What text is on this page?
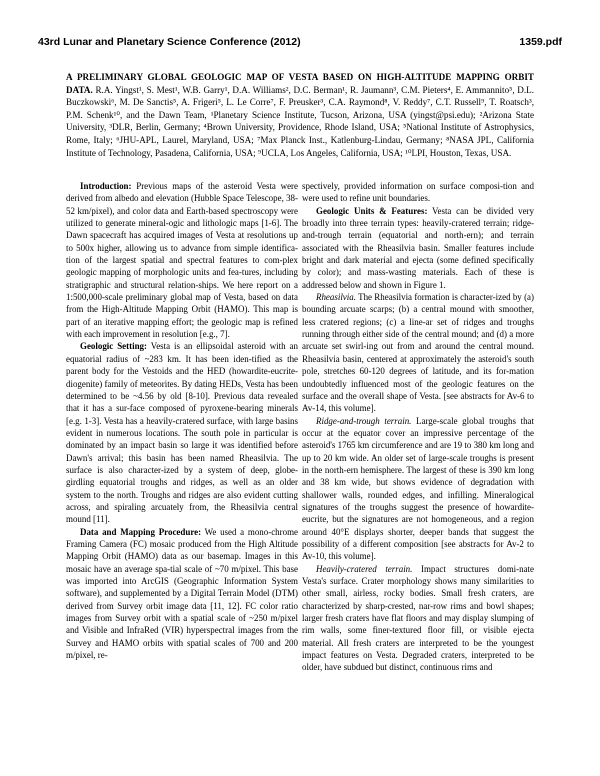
43rd Lunar and Planetary Science Conference (2012)	1359.pdf
A PRELIMINARY GLOBAL GEOLOGIC MAP OF VESTA BASED ON HIGH-ALTITUDE MAPPING ORBIT DATA. R.A. Yingst¹, S. Mest¹, W.B. Garry¹, D.A. Williams², D.C. Berman¹, R. Jaumann³, C.M. Pieters⁴, E. Ammannito⁵, D.L. Buczkowski⁶, M. De Sanctis⁵, A. Frigeri⁵, L. Le Corre⁷, F. Preusker³, C.A. Raymond⁸, V. Reddy⁷, C.T. Russell⁹, T. Roatsch³, P.M. Schenk¹⁰, and the Dawn Team, ¹Planetary Science Institute, Tucson, Arizona, USA (yingst@psi.edu); ²Arizona State University, ³DLR, Berlin, Germany; ⁴Brown University, Providence, Rhode Island, USA; ⁵National Institute of Astrophysics, Rome, Italy; ⁶JHU-APL, Laurel, Maryland, USA; ⁷Max Planck Inst., Katlenburg-Lindau, Germany; ⁸NASA JPL, California Institute of Technology, Pasadena, California, USA; ⁹UCLA, Los Angeles, California, USA; ¹⁰LPI, Houston, Texas, USA.

Introduction: Previous maps of the asteroid Vesta were derived from albedo and elevation (Hubble Space Telescope, 38-52 km/pixel), and color data and Earth-based spectroscopy were utilized to generate mineral-ogic and lithologic maps [1-6]. The Dawn spacecraft has acquired images of Vesta at resolutions up to 500x higher, allowing us to advance from simple identifica-tion of the largest spatial and spectral features to com-plex geologic mapping of morphologic units and fea-tures, including stratigraphic and structural relation-ships. We here report on a 1:500,000-scale preliminary global map of Vesta, based on data from the High-Altitude Mapping Orbit (HAMO). This map is part of an iterative mapping effort; the geologic map is refined with each improvement in resolution [e.g., 7].

Geologic Setting: Vesta is an ellipsoidal asteroid with an equatorial radius of ~283 km. It has been iden-tified as the parent body for the Vestoids and the HED (howardite-eucrite-diogenite) family of meteorites. By dating HEDs, Vesta has been determined to be ~4.56 by old [8-10]. Previous data revealed that it has a sur-face composed of pyroxene-bearing minerals [e.g. 1-3]. Vesta has a heavily-cratered surface, with large basins evident in numerous locations. The south pole in particular is dominated by an impact basin so large it was identified before Dawn's arrival; this basin has been named Rheasilvia. The surface is also character-ized by a system of deep, globe-girdling equatorial troughs and ridges, as well as an older system to the north. Troughs and ridges are also evident cutting across, and spiraling arcuately from, the Rheasilvia central mound [11].

Data and Mapping Procedure: We used a mono-chrome Framing Camera (FC) mosaic produced from the High Altitude Mapping Orbit (HAMO) data as our basemap. Images in this mosaic have an average spa-tial scale of ~70 m/pixel. This base was imported into ArcGIS (Geographic Information System software), and supplemented by a Digital Terrain Model (DTM) derived from Survey orbit image data [11, 12]. FC color ratio images from Survey orbit with a spatial scale of ~250 m/pixel and Visible and InfraRed (VIR) hyperspectral images from the Survey and HAMO orbits with spatial scales of 700 and 200 m/pixel, re-

spectively, provided information on surface composi-tion and were used to refine unit boundaries.

Geologic Units & Features: Vesta can be divided very broadly into three terrain types: heavily-cratered terrain; ridge-and-trough terrain (equatorial and north-ern); and terrain associated with the Rheasilvia basin. Smaller features include bright and dark material and ejecta (some defined specifically by color); and mass-wasting materials. Each of these is addressed below and shown in Figure 1.

Rheasilvia. The Rheasilvia formation is character-ized by (a) bounding arcuate scarps; (b) a central mound with smoother, less cratered regions; (c) a line-ar set of ridges and troughs running through either side of the central mound; and (d) a more arcuate set swirl-ing out from and around the central mound. Rheasilvia basin, centered at approximately the asteroid's south pole, stretches 60-120 degrees of latitude, and its for-mation undoubtedly influenced most of the geologic features on the surface and the overall shape of Vesta. [see abstracts for Av-6 to Av-14, this volume].

Ridge-and-trough terrain. Large-scale global troughs that occur at the equator cover an impressive percentage of the asteroid's 1765 km circumference and are 19 to 380 km long and up to 20 km wide. An older set of large-scale troughs is present in the north-ern hemisphere. The largest of these is 390 km long and 38 km wide, but shows evidence of degradation with shallower walls, rounded edges, and infilling. Mineralogical signatures of the troughs suggest the presence of howardite-eucrite, but the signatures are not homogeneous, and a region around 40°E displays shorter, deeper bands that suggest the possibility of a different composition [see abstracts for Av-2 to Av-10, this volume].

Heavily-cratered terrain. Impact structures domi-nate Vesta's surface. Crater morphology shows many similarities to other small, airless, rocky bodies. Small fresh craters, are characterized by sharp-crested, nar-row rims and bowl shapes; larger fresh craters have flat floors and may display slumping of rim walls, some finer-textured floor fill, or visible ejecta material. All fresh craters are interpreted to be the youngest impact features on Vesta. Degraded craters, interpreted to be older, have subdued but distinct, continuous rims and
